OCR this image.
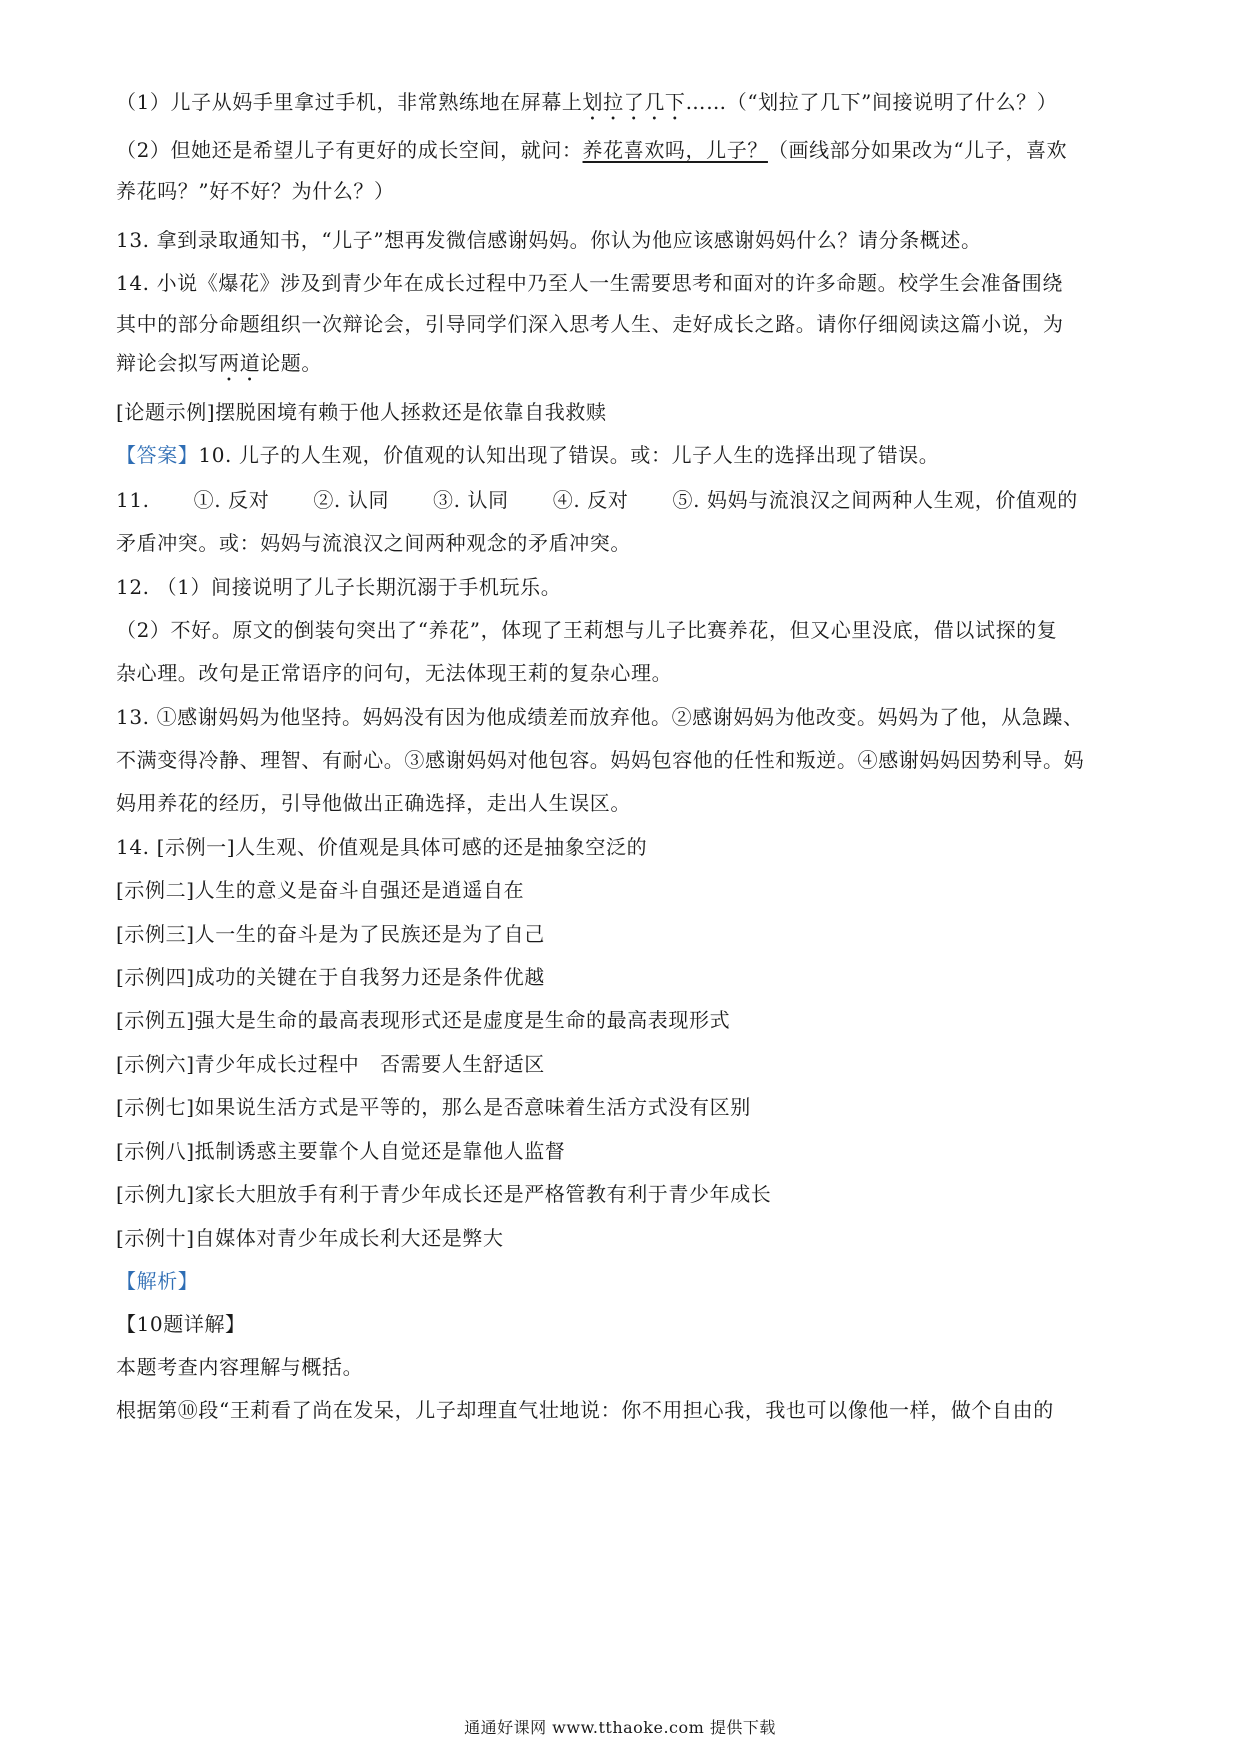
（1）儿子从妈手里拿过手机，非常熟练地在屏幕上划拉了几下……（“划拉了几下”间接说明了什么？）
（2）但她还是希望儿子有更好的成长空间，就问：养花喜欢吗，儿子？（画线部分如果改为“儿子，喜欢
养花吗？”好不好？为什么？）
13. 拿到录取通知书，“儿子”想再发微信感谢妈妈。你认为他应该感谢妈妈什么？请分条概述。
14. 小说《爆花》涉及到青少年在成长过程中乃至人一生需要思考和面对的许多命题。校学生会准备围绕
其中的部分命题组织一次辩论会，引导同学们深入思考人生、走好成长之路。请你仔细阅读这篇小说，为
辩论会拟写两道论题。
[论题示例]摆脱困境有赖于他人拯救还是依靠自我救赎
【答案】10. 儿子的人生观，价值观的认知出现了错误。或：儿子人生的选择出现了错误。
11. ①. 反对 ②. 认同 ③. 认同 ④. 反对 ⑤. 妈妈与流浪汉之间两种人生观，价值观的
矛盾冲突。或：妈妈与流浪汉之间两种观念的矛盾冲突。
12. （1）间接说明了儿子长期沉溺于手机玩乐。
（2）不好。原文的倒装句突出了“养花”，体现了王莉想与儿子比赛养花，但又心里没底，借以试探的复
杂心理。改句是正常语序的问句，无法体现王莉的复杂心理。
13. ①感谢妈妈为他坚持。妈妈没有因为他成绩差而放弃他。②感谢妈妈为他改变。妈妈为了他，从急躁、
不满变得冷静、理智、有耐心。③感谢妈妈对他包容。妈妈包容他的任性和叛逆。④感谢妈妈因势利导。妈
妈用养花的经历，引导他做出正确选择，走出人生误区。
14. [示例一]人生观、价值观是具体可感的还是抽象空泛的
[示例二]人生的意义是奋斗自强还是逍遥自在
[示例三]人一生的奋斗是为了民族还是为了自己
[示例四]成功的关键在于自我努力还是条件优越
[示例五]强大是生命的最高表现形式还是虚度是生命的最高表现形式
[示例六]青少年成长过程中　否需要人生舒适区
[示例七]如果说生活方式是平等的，那么是否意味着生活方式没有区别
[示例八]抵制诱惑主要靠个人自觉还是靠他人监督
[示例九]家长大胆放手有利于青少年成长还是严格管教有利于青少年成长
[示例十]自媒体对青少年成长利大还是弊大
【解析】
【10题详解】
本题考查内容理解与概括。
根据第⑩段“王莉看了尚在发呆，儿子却理直气壮地说：你不用担心我，我也可以像他一样，做个自由的
通通好课网 www.tthaoke.com 提供下载
